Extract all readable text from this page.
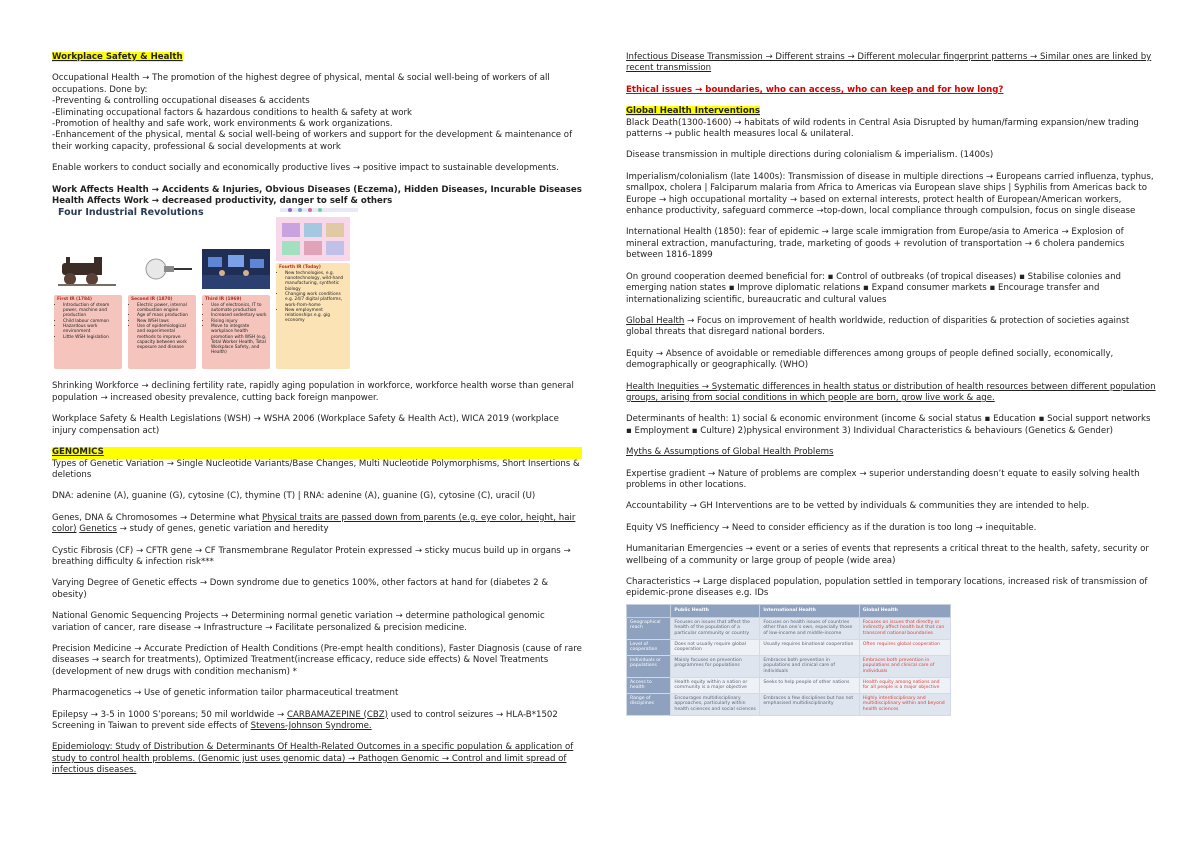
Workplace Safety & Health

Occupational Health → The promotion of the highest degree of physical, mental & social well-being of workers of all occupations. Done by:
-Preventing & controlling occupational diseases & accidents
-Eliminating occupational factors & hazardous conditions to health & safety at work
-Promotion of healthy and safe work, work environments & work organizations.
-Enhancement of the physical, mental & social well-being of workers and support for the development & maintenance of their working capacity, professional & social developments at work

Enable workers to conduct socially and economically productive lives → positive impact to sustainable developments.

Work Affects Health → Accidents & Injuries, Obvious Diseases (Eczema), Hidden Diseases, Incurable Diseases
Health Affects Work → decreased productivity, danger to self & others
Four Industrial Revolutions
First IR (1784)
• Introduction of steam power, machine and production
• Child labour common
• Hazardous work environment
• Little WSH legislation
Second IR (1870)
• Electric power, internal combustion engine
• Age of mass production
• New WSH laws
• Use of epidemiological and experimental methods to improve capacity between work exposure and disease
Third IR (1969)
• Use of electronics, IT to automate production
• Increased sedentary work
• Rising injury
• Move to integrate workplace health promotion with WSH (e.g. Total Worker Health, Total Workplace Safety, and Health)
Fourth IR (Today)
• New technologies, e.g. nanotechnology, wild-hand manufacturing, synthetic biology
• Changing work conditions e.g. 24/7 digital platforms, work-from-home
• New employment relationships e.g. gig economy

Shrinking Workforce → declining fertility rate, rapidly aging population in workforce, workforce health worse than general population → increased obesity prevalence, cutting back foreign manpower.

Workplace Safety & Health Legislations (WSH) → WSHA 2006 (Workplace Safety & Health Act), WICA 2019 (workplace injury compensation act)

GENOMICS
Types of Genetic Variation → Single Nucleotide Variants/Base Changes, Multi Nucleotide Polymorphisms, Short Insertions & deletions

DNA: adenine (A), guanine (G), cytosine (C), thymine (T) | RNA: adenine (A), guanine (G), cytosine (C), uracil (U)

Genes, DNA & Chromosomes → Determine what Physical traits are passed down from parents (e.g. eye color, height, hair color) Genetics → study of genes, genetic variation and heredity

Cystic Fibrosis (CF) → CFTR gene → CF Transmembrane Regulator Protein expressed → sticky mucus build up in organs → breathing difficulty & infection risk***

Varying Degree of Genetic effects → Down syndrome due to genetics 100%, other factors at hand for (diabetes 2 & obesity)

National Genomic Sequencing Projects → Determining normal genetic variation → determine pathological genomic variation of cancer, rare disease → Infrastructure → Facilitate personalized & precision medicine.

Precision Medicine → Accurate Prediction of Health Conditions (Pre-empt health conditions), Faster Diagnosis (cause of rare diseases → search for treatments), Optimized Treatment(increase efficacy, reduce side effects) & Novel Treatments (development of new drugs with condition mechanism) *

Pharmacogenetics → Use of genetic information tailor pharmaceutical treatment

Epilepsy → 3-5 in 1000 S’poreans; 50 mil worldwide → CARBAMAZEPINE (CBZ) used to control seizures → HLA-B*1502 Screening in Taiwan to prevent side effects of Stevens-Johnson Syndrome.

Epidemiology: Study of Distribution & Determinants Of Health-Related Outcomes in a specific population & application of study to control health problems. (Genomic just uses genomic data) → Pathogen Genomic → Control and limit spread of infectious diseases.

Infectious Disease Transmission → Different strains → Different molecular fingerprint patterns → Similar ones are linked by recent transmission

Ethical issues → boundaries, who can access, who can keep and for how long?

Global Health Interventions
Black Death(1300-1600) → habitats of wild rodents in Central Asia Disrupted by human/farming expansion/new trading patterns → public health measures local & unilateral.

Disease transmission in multiple directions during colonialism & imperialism. (1400s)

Imperialism/colonialism (late 1400s): Transmission of disease in multiple directions → Europeans carried influenza, typhus, smallpox, cholera | Falciparum malaria from Africa to Americas via European slave ships | Syphilis from Americas back to Europe → high occupational mortality → based on external interests, protect health of European/American workers, enhance productivity, safeguard commerce →top-down, local compliance through compulsion, focus on single disease

International Health (1850): fear of epidemic → large scale immigration from Europe/asia to America → Explosion of mineral extraction, manufacturing, trade, marketing of goods + revolution of transportation → 6 cholera pandemics between 1816-1899

On ground cooperation deemed beneficial for: ▪ Control of outbreaks (of tropical diseases) ▪ Stabilise colonies and emerging nation states ▪ Improve diplomatic relations ▪ Expand consumer markets ▪ Encourage transfer and internationalizing scientific, bureaucratic and cultural values

Global Health → Focus on improvement of health worldwide, reduction of disparities & protection of societies against global threats that disregard national borders.

Equity → Absence of avoidable or remediable differences among groups of people defined socially, economically, demographically or geographically. (WHO)

Health Inequities → Systematic differences in health status or distribution of health resources between different population groups, arising from social conditions in which people are born, grow live work & age.

Determinants of health: 1) social & economic environment (income & social status ▪ Education ▪ Social support networks ▪ Employment ▪ Culture) 2)physical environment 3) Individual Characteristics & behaviours (Genetics & Gender)

Myths & Assumptions of Global Health Problems

Expertise gradient → Nature of problems are complex → superior understanding doesn’t equate to easily solving health problems in other locations.

Accountability → GH Interventions are to be vetted by individuals & communities they are intended to help.

Equity VS Inefficiency → Need to consider efficiency as if the duration is too long → inequitable.

Humanitarian Emergencies → event or a series of events that represents a critical threat to the health, safety, security or wellbeing of a community or large group of people (wide area)

Characteristics → Large displaced population, population settled in temporary locations, increased risk of transmission of epidemic-prone diseases e.g. IDs

	Public Health	International Health	Global Health
Geographical reach	Focuses on issues that affect the health of the population of a particular community or country	Focuses on health issues of countries other than one’s own, especially those of low-income and middle-income	Focuses on issues that directly or indirectly affect health but that can transcend national boundaries
Level of cooperation	Does not usually require global cooperation	Usually requires binational cooperation	Often requires global cooperation
Individuals or populations	Mainly focuses on prevention programmes for populations	Embraces both prevention in populations and clinical care of individuals	Embraces both prevention in populations and clinical care of individuals
Access to health	Health equity within a nation or community is a major objective	Seeks to help people of other nations	Health equity among nations and for all people is a major objective
Range of disciplines	Encourages multidisciplinary approaches, particularly within health sciences and social sciences	Embraces a few disciplines but has not emphasised multidisciplinarity	Highly interdisciplinary and multidisciplinary within and beyond health sciences
